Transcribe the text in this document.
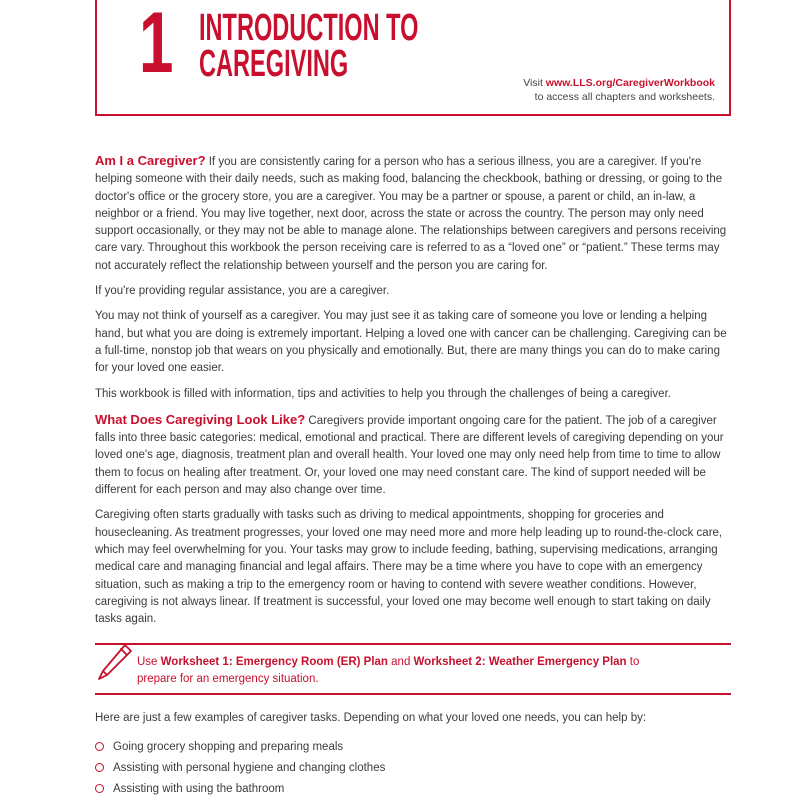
1 INTRODUCTION TO
CAREGIVING	Visit www.LLS.org/CaregiverWorkbook
to access all chapters and worksheets.

Am I a Caregiver? If you are consistently caring for a person who has a serious illness, you are a caregiver. If you're helping someone with their daily needs, such as making food, balancing the checkbook, bathing or dressing, or going to the doctor's office or the grocery store, you are a caregiver. You may be a partner or spouse, a parent or child, an in-law, a neighbor or a friend. You may live together, next door, across the state or across the country. The person may only need support occasionally, or they may not be able to manage alone. The relationships between caregivers and persons receiving care vary. Throughout this workbook the person receiving care is referred to as a “loved one” or “patient.” These terms may not accurately reflect the relationship between yourself and the person you are caring for.

If you're providing regular assistance, you are a caregiver.

You may not think of yourself as a caregiver. You may just see it as taking care of someone you love or lending a helping hand, but what you are doing is extremely important. Helping a loved one with cancer can be challenging. Caregiving can be a full-time, nonstop job that wears on you physically and emotionally. But, there are many things you can do to make caring for your loved one easier.

This workbook is filled with information, tips and activities to help you through the challenges of being a caregiver.

What Does Caregiving Look Like? Caregivers provide important ongoing care for the patient. The job of a caregiver falls into three basic categories: medical, emotional and practical. There are different levels of caregiving depending on your loved one's age, diagnosis, treatment plan and overall health. Your loved one may only need help from time to time to allow them to focus on healing after treatment. Or, your loved one may need constant care. The kind of support needed will be different for each person and may also change over time.

Caregiving often starts gradually with tasks such as driving to medical appointments, shopping for groceries and housecleaning. As treatment progresses, your loved one may need more and more help leading up to round-the-clock care, which may feel overwhelming for you. Your tasks may grow to include feeding, bathing, supervising medications, arranging medical care and managing financial and legal affairs. There may be a time where you have to cope with an emergency situation, such as making a trip to the emergency room or having to contend with severe weather conditions. However, caregiving is not always linear. If treatment is successful, your loved one may become well enough to start taking on daily tasks again.

Use Worksheet 1: Emergency Room (ER) Plan and Worksheet 2: Weather Emergency Plan to prepare for an emergency situation.
Here are just a few examples of caregiver tasks. Depending on what your loved one needs, you can help by:
Going grocery shopping and preparing meals
Assisting with personal hygiene and changing clothes
Assisting with using the bathroom
